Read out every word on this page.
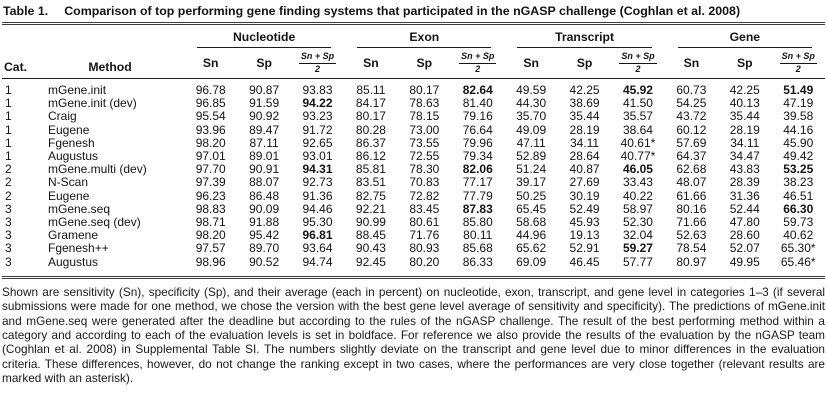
Table 1. Comparison of top performing gene finding systems that participated in the nGASP challenge (Coghlan et al. 2008)
Cat.	Method	Nucleotide			Exon			Transcript			Gene		

		Sn	Sp	$\frac{Sn + Sp}{2}$	Sn	Sp	$\frac{Sn + Sp}{2}$	Sn	Sp	$\frac{Sn + Sp}{2}$	Sn	Sp	$\frac{Sn + Sp}{2}$

1	mGene.init	96.78	90.87	93.83	85.11	80.17	82.64	49.59	42.25	45.92	60.73	42.25	51.49
1	mGene.init (dev)	96.85	91.59	94.22	84.17	78.63	81.40	44.30	38.69	41.50	54.25	40.13	47.19
1	Craig	95.54	90.92	93.23	80.17	78.15	79.16	35.70	35.44	35.57	43.72	35.44	39.58
1	Eugene	93.96	89.47	91.72	80.28	73.00	76.64	49.09	28.19	38.64	60.12	28.19	44.16
1	Fgenesh	98.20	87.11	92.65	86.37	73.55	79.96	47.11	34.11	40.61*	57.69	34.11	45.90
1	Augustus	97.01	89.01	93.01	86.12	72.55	79.34	52.89	28.64	40.77*	64.37	34.47	49.42
2	mGene.multi (dev)	97.70	90.91	94.31	85.81	78.30	82.06	51.24	40.87	46.05	62.68	43.83	53.25
2	N-Scan	97.39	88.07	92.73	83.51	70.83	77.17	39.17	27.69	33.43	48.07	28.39	38.23
2	Eugene	96.23	86.48	91.36	82.75	72.82	77.79	50.25	30.19	40.22	61.66	31.36	46.51
3	mGene.seq	98.83	90.09	94.46	92.21	83.45	87.83	65.45	52.49	58.97	80.16	52.44	66.30
3	mGene.seq (dev)	98.71	91.88	95.30	90.99	80.61	85.80	58.68	45.93	52.30	71.66	47.80	59.73
3	Gramene	98.20	95.42	96.81	88.45	71.76	80.11	44.96	19.13	32.04	52.63	28.60	40.62
3	Fgenesh++	97.57	89.70	93.64	90.43	80.93	85.68	65.62	52.91	59.27	78.54	52.07	65.30*
3	Augustus	98.96	90.52	94.74	92.45	80.20	86.33	69.09	46.45	57.77	80.97	49.95	65.46*
Shown are sensitivity (Sn), specificity (Sp), and their average (each in percent) on nucleotide, exon, transcript, and gene level in categories 1–3 (if several submissions were made for one method, we chose the version with the best gene level average of sensitivity and specificity). The predictions of mGene.init and mGene.seq were generated after the deadline but according to the rules of the nGASP challenge. The result of the best performing method within a category and according to each of the evaluation levels is set in boldface. For reference we also provide the results of the evaluation by the nGASP team (Coghlan et al. 2008) in Supplemental Table SI. The numbers slightly deviate on the transcript and gene level due to minor differences in the evaluation criteria. These differences, however, do not change the ranking except in two cases, where the performances are very close together (relevant results are marked with an asterisk).
